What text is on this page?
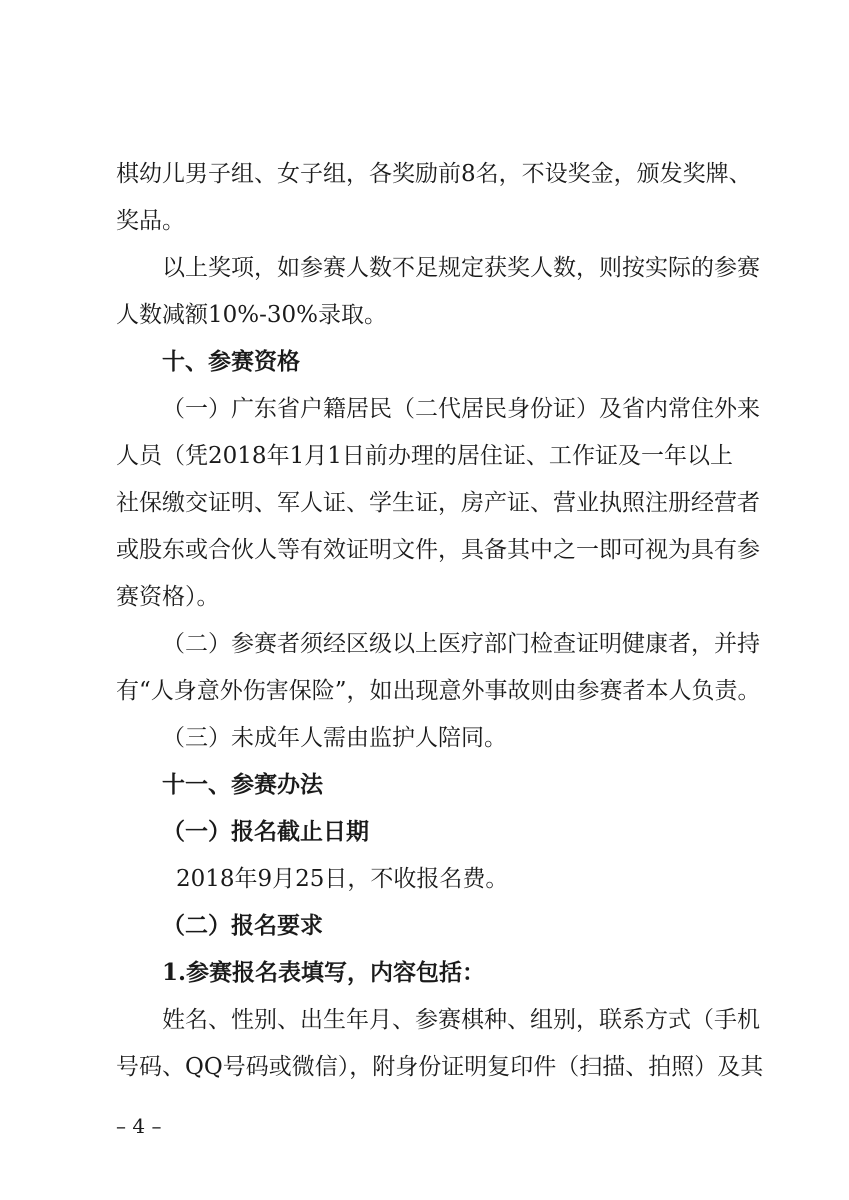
棋幼儿男子组、女子组，各奖励前8名，不设奖金，颁发奖牌、
奖品。
以上奖项，如参赛人数不足规定获奖人数，则按实际的参赛
人数减额10%-30%录取。
十、参赛资格
（一）广东省户籍居民（二代居民身份证）及省内常住外来
人员（凭2018年1月1日前办理的居住证、工作证及一年以上
社保缴交证明、军人证、学生证，房产证、营业执照注册经营者
或股东或合伙人等有效证明文件，具备其中之一即可视为具有参
赛资格）。
（二）参赛者须经区级以上医疗部门检查证明健康者，并持
有“人身意外伤害保险”，如出现意外事故则由参赛者本人负责。
（三）未成年人需由监护人陪同。
十一、参赛办法
（一）报名截止日期
2018年9月25日，不收报名费。
（二）报名要求
1.参赛报名表填写，内容包括：
姓名、性别、出生年月、参赛棋种、组别，联系方式（手机
号码、QQ号码或微信），附身份证明复印件（扫描、拍照）及其
– 4 –
